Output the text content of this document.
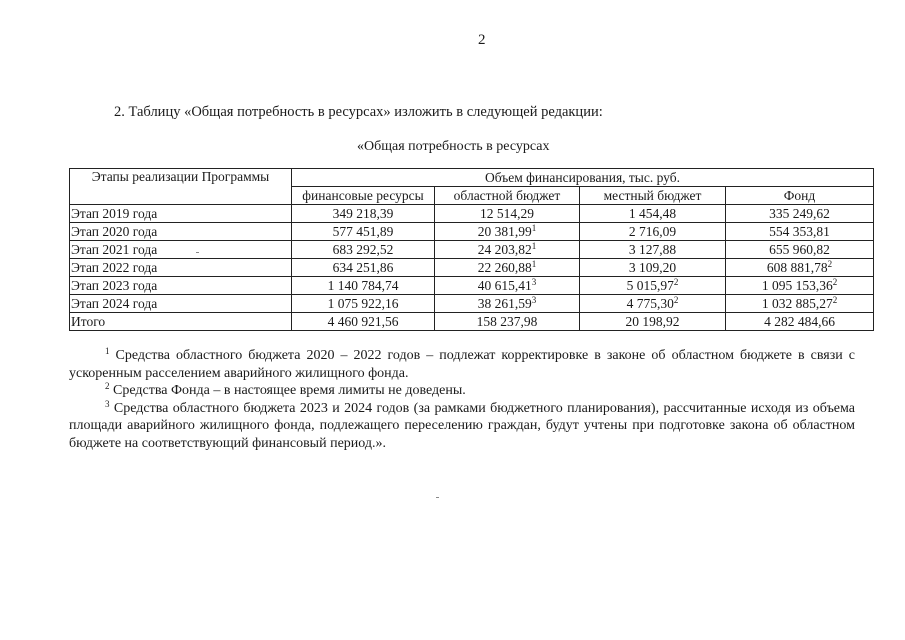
2
2. Таблицу «Общая потребность в ресурсах» изложить в следующей редакции:
«Общая потребность в ресурсах
Этапы реализации Программы	Объем финансирования, тыс. руб.			
	финансовые ресурсы	областной бюджет	местный бюджет	Фонд
Этап 2019 года	349 218,39	12 514,29	1 454,48	335 249,62
Этап 2020 года	577 451,89	20 381,99$^1$	2 716,09	554 353,81
Этап 2021 года	683 292,52	24 203,82$^1$	3 127,88	655 960,82
Этап 2022 года	634 251,86	22 260,88$^1$	3 109,20	608 881,78$^2$
Этап 2023 года	1 140 784,74	40 615,41$^3$	5 015,97$^2$	1 095 153,36$^2$
Этап 2024 года	1 075 922,16	38 261,59$^3$	4 775,30$^2$	1 032 885,27$^2$
Итого	4 460 921,56	158 237,98	20 198,92	4 282 484,66

$^1$ Средства областного бюджета 2020 – 2022 годов – подлежат корректировке в законе об областном бюджете в связи с ускоренным расселением аварийного жилищного фонда.

$^2$ Средства Фонда – в настоящее время лимиты не доведены.

$^3$ Средства областного бюджета 2023 и 2024 годов (за рамками бюджетного планирования), рассчитанные исходя из объема площади аварийного жилищного фонда, подлежащего переселению граждан, будут учтены при подготовке закона об областном бюджете на соответствующий финансовый период.».
